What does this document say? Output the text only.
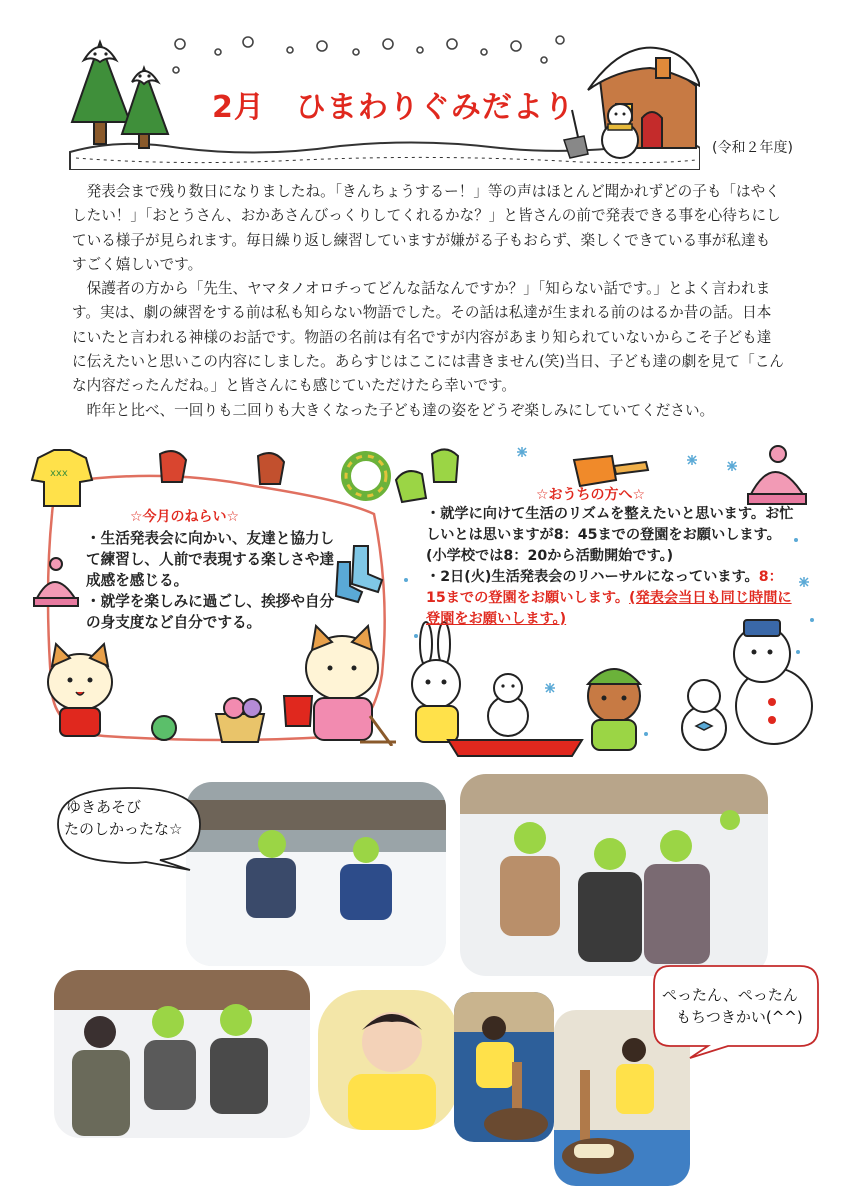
2月　ひまわりぐみだより
(令和２年度)

発表会まで残り数日になりましたね。「きんちょうするー！」等の声はほとんど聞かれずどの子も「はやくしたい！」「おとうさん、おかあさんびっくりしてくれるかな？」と皆さんの前で発表できる事を心待ちにしている様子が見られます。毎日繰り返し練習していますが嫌がる子もおらず、楽しくできている事が私達もすごく嬉しいです。

保護者の方から「先生、ヤマタノオロチってどんな話なんですか？」「知らない話です。」とよく言われます。実は、劇の練習をする前は私も知らない物語でした。その話は私達が生まれる前のはるか昔の話。日本にいたと言われる神様のお話です。物語の名前は有名ですが内容があまり知られていないからこそ子ども達に伝えたいと思いこの内容にしました。あらすじはここには書きません(笑)当日、子ども達の劇を見て「こんな内容だったんだね。」と皆さんにも感じていただけたら幸いです。

昨年と比べ、一回りも二回りも大きくなった子ども達の姿をどうぞ楽しみにしていてください。

xxx
☆今月のねらい☆
・生活発表会に向かい、友達と協力して練習し、人前で表現する楽しさや達成感を感じる。
・就学を楽しみに過ごし、挨拶や自分の身支度など自分でする。
☆おうちの方へ☆
・就学に向けて生活のリズムを整えたいと思います。お忙しいとは思いますが8：45までの登園をお願いします。(小学校では8：20から活動開始です。)
・2日(火)生活発表会のリハーサルになっています。8：15までの登園をお願いします。(発表会当日も同じ時間に登園をお願いします。)
ゆきあそび
たのしかったな☆
ぺったん、ぺったん
もちつきかい(^^)
